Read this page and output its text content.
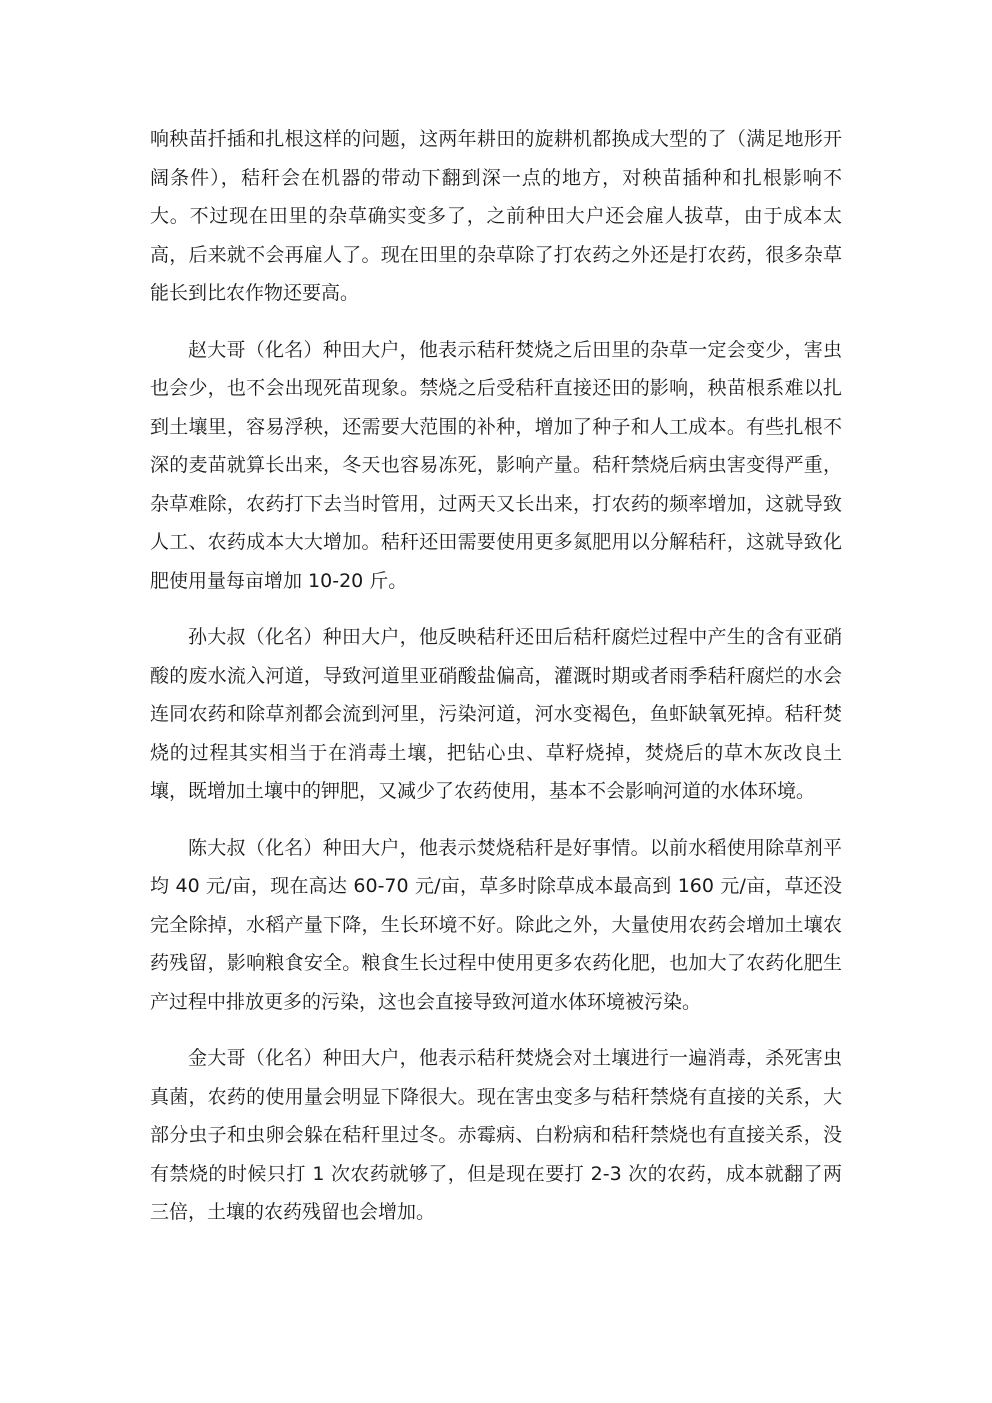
响秧苗扦插和扎根这样的问题，这两年耕田的旋耕机都换成大型的了（满足地形开阔条件），秸秆会在机器的带动下翻到深一点的地方，对秧苗插种和扎根影响不大。不过现在田里的杂草确实变多了，之前种田大户还会雇人拔草，由于成本太高，后来就不会再雇人了。现在田里的杂草除了打农药之外还是打农药，很多杂草能长到比农作物还要高。

赵大哥（化名）种田大户，他表示秸秆焚烧之后田里的杂草一定会变少，害虫也会少，也不会出现死苗现象。禁烧之后受秸秆直接还田的影响，秧苗根系难以扎到土壤里，容易浮秧，还需要大范围的补种，增加了种子和人工成本。有些扎根不深的麦苗就算长出来，冬天也容易冻死，影响产量。秸秆禁烧后病虫害变得严重，杂草难除，农药打下去当时管用，过两天又长出来，打农药的频率增加，这就导致人工、农药成本大大增加。秸秆还田需要使用更多氮肥用以分解秸秆，这就导致化肥使用量每亩增加 10-20 斤。

孙大叔（化名）种田大户，他反映秸秆还田后秸秆腐烂过程中产生的含有亚硝酸的废水流入河道，导致河道里亚硝酸盐偏高，灌溉时期或者雨季秸秆腐烂的水会连同农药和除草剂都会流到河里，污染河道，河水变褐色，鱼虾缺氧死掉。秸秆焚烧的过程其实相当于在消毒土壤，把钻心虫、草籽烧掉，焚烧后的草木灰改良土壤，既增加土壤中的钾肥，又减少了农药使用，基本不会影响河道的水体环境。

陈大叔（化名）种田大户，他表示焚烧秸秆是好事情。以前水稻使用除草剂平均 40 元/亩，现在高达 60-70 元/亩，草多时除草成本最高到 160 元/亩，草还没完全除掉，水稻产量下降，生长环境不好。除此之外，大量使用农药会增加土壤农药残留，影响粮食安全。粮食生长过程中使用更多农药化肥，也加大了农药化肥生产过程中排放更多的污染，这也会直接导致河道水体环境被污染。

金大哥（化名）种田大户，他表示秸秆焚烧会对土壤进行一遍消毒，杀死害虫真菌，农药的使用量会明显下降很大。现在害虫变多与秸秆禁烧有直接的关系，大部分虫子和虫卵会躲在秸秆里过冬。赤霉病、白粉病和秸秆禁烧也有直接关系，没有禁烧的时候只打 1 次农药就够了，但是现在要打 2-3 次的农药，成本就翻了两三倍，土壤的农药残留也会增加。
